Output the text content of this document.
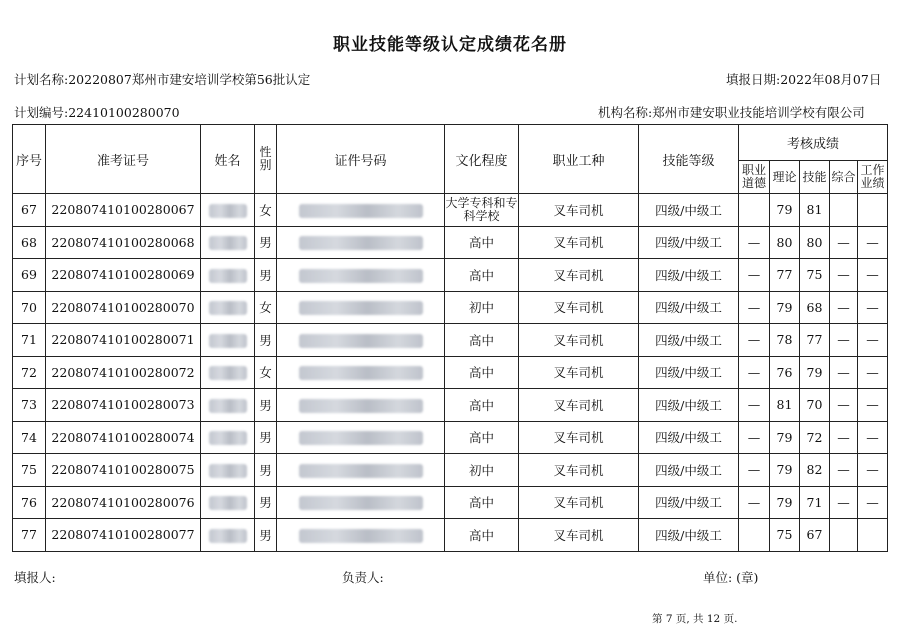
职业技能等级认定成绩花名册
计划名称:20220807郑州市建安培训学校第56批认定	填报日期:2022年08月07日
计划编号:22410100280070	机构名称:郑州市建安职业技能培训学校有限公司
序号	准考证号	姓名	性别	证件号码	文化程度	职业工种	技能等级	考核成绩				
								职业道德	理论	技能	综合	工作业绩
67	220807410100280067		女		大学专科和专科学校	叉车司机	四级/中级工		79	81		
68	220807410100280068		男		高中	叉车司机	四级/中级工	—	80	80	—	—
69	220807410100280069		男		高中	叉车司机	四级/中级工	—	77	75	—	—
70	220807410100280070		女		初中	叉车司机	四级/中级工	—	79	68	—	—
71	220807410100280071		男		高中	叉车司机	四级/中级工	—	78	77	—	—
72	220807410100280072		女		高中	叉车司机	四级/中级工	—	76	79	—	—
73	220807410100280073		男		高中	叉车司机	四级/中级工	—	81	70	—	—
74	220807410100280074		男		高中	叉车司机	四级/中级工	—	79	72	—	—
75	220807410100280075		男		初中	叉车司机	四级/中级工	—	79	82	—	—
76	220807410100280076		男		高中	叉车司机	四级/中级工	—	79	71	—	—
77	220807410100280077		男		高中	叉车司机	四级/中级工		75	67		
填报人:	负责人:	单位: (章)
第 7 页, 共 12 页.
